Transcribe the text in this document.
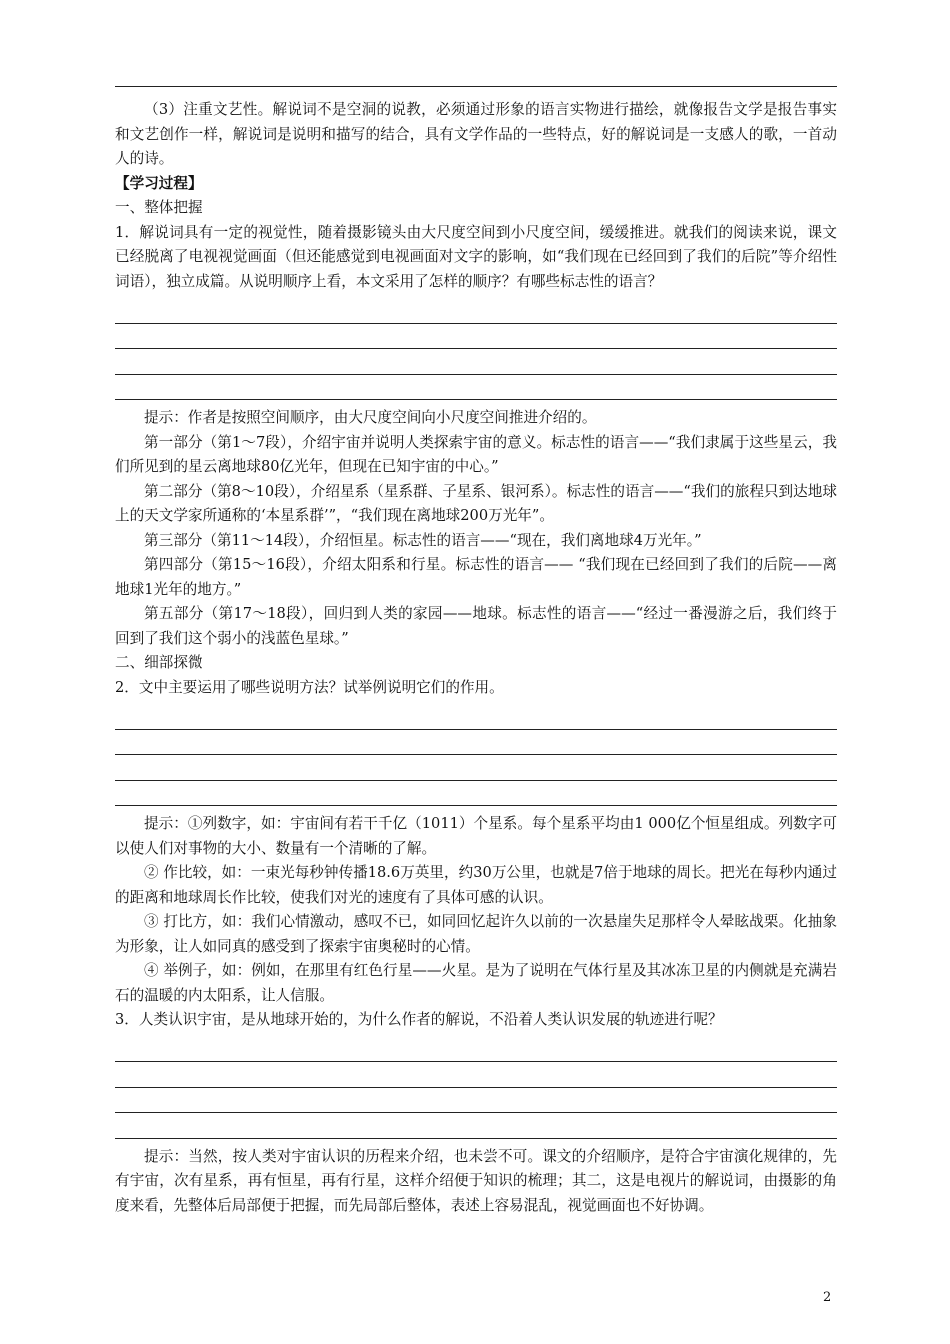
（3）注重文艺性。解说词不是空洞的说教，必须通过形象的语言实物进行描绘，就像报告文学是报告事实和文艺创作一样，解说词是说明和描写的结合，具有文学作品的一些特点，好的解说词是一支感人的歌，一首动人的诗。

【学习过程】

一、整体把握

1．解说词具有一定的视觉性，随着摄影镜头由大尺度空间到小尺度空间，缓缓推进。就我们的阅读来说，课文已经脱离了电视视觉画面（但还能感觉到电视画面对文字的影响，如“我们现在已经回到了我们的后院”等介绍性词语），独立成篇。从说明顺序上看，本文采用了怎样的顺序？有哪些标志性的语言？

提示：作者是按照空间顺序，由大尺度空间向小尺度空间推进介绍的。

第一部分（第1～7段），介绍宇宙并说明人类探索宇宙的意义。标志性的语言——“我们隶属于这些星云，我们所见到的星云离地球80亿光年，但现在已知宇宙的中心。”

第二部分（第8～10段），介绍星系（星系群、子星系、银河系）。标志性的语言——“我们的旅程只到达地球上的天文学家所通称的‘本星系群’”，“我们现在离地球200万光年”。

第三部分（第11～14段），介绍恒星。标志性的语言——“现在，我们离地球4万光年。”

第四部分（第15～16段），介绍太阳系和行星。标志性的语言—— “我们现在已经回到了我们的后院——离地球1光年的地方。”

第五部分（第17～18段），回归到人类的家园——地球。标志性的语言——“经过一番漫游之后，我们终于回到了我们这个弱小的浅蓝色星球。”

二、细部探微

2．文中主要运用了哪些说明方法？试举例说明它们的作用。

提示：①列数字，如：宇宙间有若干千亿（1011）个星系。每个星系平均由1 000亿个恒星组成。列数字可以使人们对事物的大小、数量有一个清晰的了解。

② 作比较，如：一束光每秒钟传播18.6万英里，约30万公里，也就是7倍于地球的周长。把光在每秒内通过的距离和地球周长作比较，使我们对光的速度有了具体可感的认识。

③ 打比方，如：我们心情激动，感叹不已，如同回忆起许久以前的一次悬崖失足那样令人晕眩战栗。化抽象为形象，让人如同真的感受到了探索宇宙奥秘时的心情。

④ 举例子，如：例如，在那里有红色行星——火星。是为了说明在气体行星及其冰冻卫星的内侧就是充满岩石的温暖的内太阳系，让人信服。

3．人类认识宇宙，是从地球开始的，为什么作者的解说，不沿着人类认识发展的轨迹进行呢？

提示：当然，按人类对宇宙认识的历程来介绍，也未尝不可。课文的介绍顺序，是符合宇宙演化规律的，先有宇宙，次有星系，再有恒星，再有行星，这样介绍便于知识的梳理；其二，这是电视片的解说词，由摄影的角度来看，先整体后局部便于把握，而先局部后整体，表述上容易混乱，视觉画面也不好协调。

2
